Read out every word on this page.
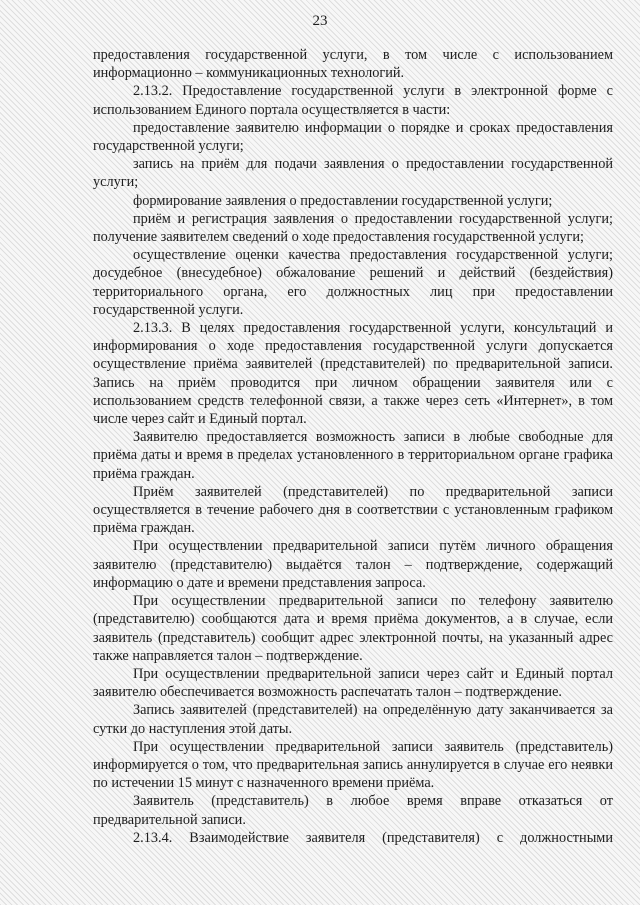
23

предоставления государственной услуги, в том числе с использованием информационно – коммуникационных технологий.

2.13.2. Предоставление государственной услуги в электронной форме с использованием Единого портала осуществляется в части:

предоставление заявителю информации о порядке и сроках предоставления государственной услуги;

запись на приём для подачи заявления о предоставлении государственной услуги;

формирование заявления о предоставлении государственной услуги;

приём и регистрация заявления о предоставлении государственной услуги; получение заявителем сведений о ходе предоставления государственной услуги;

осуществление оценки качества предоставления государственной услуги; досудебное (внесудебное) обжалование решений и действий (бездействия) территориального органа, его должностных лиц при предоставлении государственной услуги.

2.13.3. В целях предоставления государственной услуги, консультаций и информирования о ходе предоставления государственной услуги допускается осуществление приёма заявителей (представителей) по предварительной записи. Запись на приём проводится при личном обращении заявителя или с использованием средств телефонной связи, а также через сеть «Интернет», в том числе через сайт и Единый портал.

Заявителю предоставляется возможность записи в любые свободные для приёма даты и время в пределах установленного в территориальном органе графика приёма граждан.

Приём заявителей (представителей) по предварительной записи осуществляется в течение рабочего дня в соответствии с установленным графиком приёма граждан.

При осуществлении предварительной записи путём личного обращения заявителю (представителю) выдаётся талон – подтверждение, содержащий информацию о дате и времени представления запроса.

При осуществлении предварительной записи по телефону заявителю (представителю) сообщаются дата и время приёма документов, а в случае, если заявитель (представитель) сообщит адрес электронной почты, на указанный адрес также направляется талон – подтверждение.

При осуществлении предварительной записи через сайт и Единый портал заявителю обеспечивается возможность распечатать талон – подтверждение.

Запись заявителей (представителей) на определённую дату заканчивается за сутки до наступления этой даты.

При осуществлении предварительной записи заявитель (представитель) информируется о том, что предварительная запись аннулируется в случае его неявки по истечении 15 минут с назначенного времени приёма.

Заявитель (представитель) в любое время вправе отказаться от предварительной записи.

2.13.4. Взаимодействие заявителя (представителя) с должностными
